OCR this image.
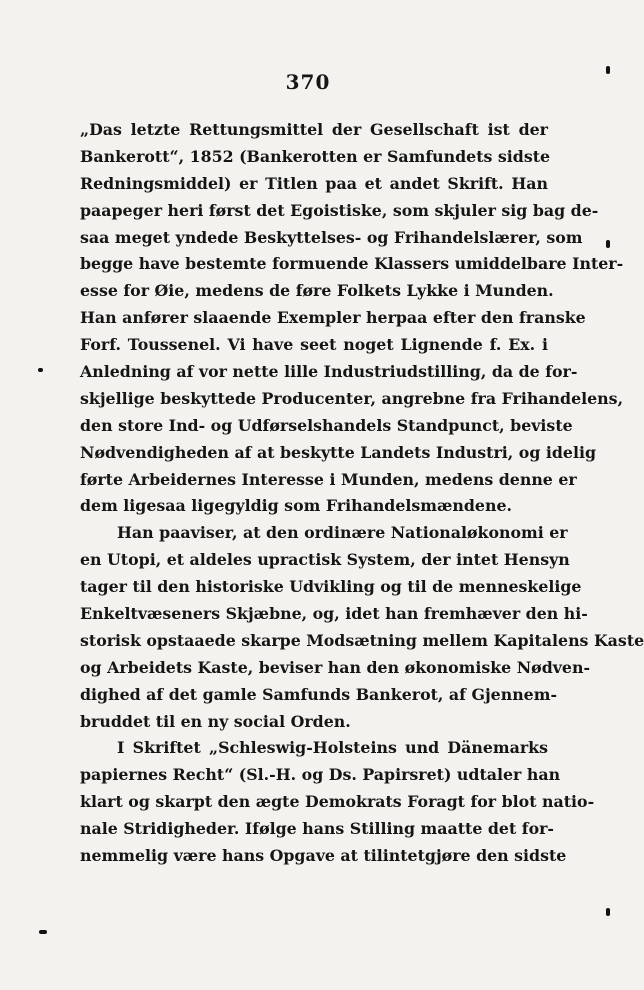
370
„Das letzte Rettungsmittel der Gesellschaft ist der
Bankerott“, 1852 (Bankerotten er Samfundets sidste
Redningsmiddel) er Titlen paa et andet Skrift. Han
paapeger heri først det Egoistiske, som skjuler sig bag de-
saa meget yndede Beskyttelses- og Frihandelslærer, som
begge have bestemte formuende Klassers umiddelbare Inter-
esse for Øie, medens de føre Folkets Lykke i Munden.
Han anfører slaaende Exempler herpaa efter den franske
Forf. Toussenel. Vi have seet noget Lignende f. Ex. i
Anledning af vor nette lille Industriudstilling, da de for-
skjellige beskyttede Producenter, angrebne fra Frihandelens,
den store Ind- og Udførselshandels Standpunct, beviste
Nødvendigheden af at beskytte Landets Industri, og idelig
førte Arbeidernes Interesse i Munden, medens denne er
dem ligesaa ligegyldig som Frihandelsmændene.
Han paaviser, at den ordinære Nationaløkonomi er
en Utopi, et aldeles upractisk System, der intet Hensyn
tager til den historiske Udvikling og til de menneskelige
Enkeltvæseners Skjæbne, og, idet han fremhæver den hi-
storisk opstaaede skarpe Modsætning mellem Kapitalens Kaste
og Arbeidets Kaste, beviser han den økonomiske Nødven-
dighed af det gamle Samfunds Bankerot, af Gjennem-
bruddet til en ny social Orden.
I Skriftet „Schleswig-Holsteins und Dänemarks
papiernes Recht“ (Sl.-H. og Ds. Papirsret) udtaler han
klart og skarpt den ægte Demokrats Foragt for blot natio-
nale Stridigheder. Ifølge hans Stilling maatte det for-
nemmelig være hans Opgave at tilintetgjøre den sidste
